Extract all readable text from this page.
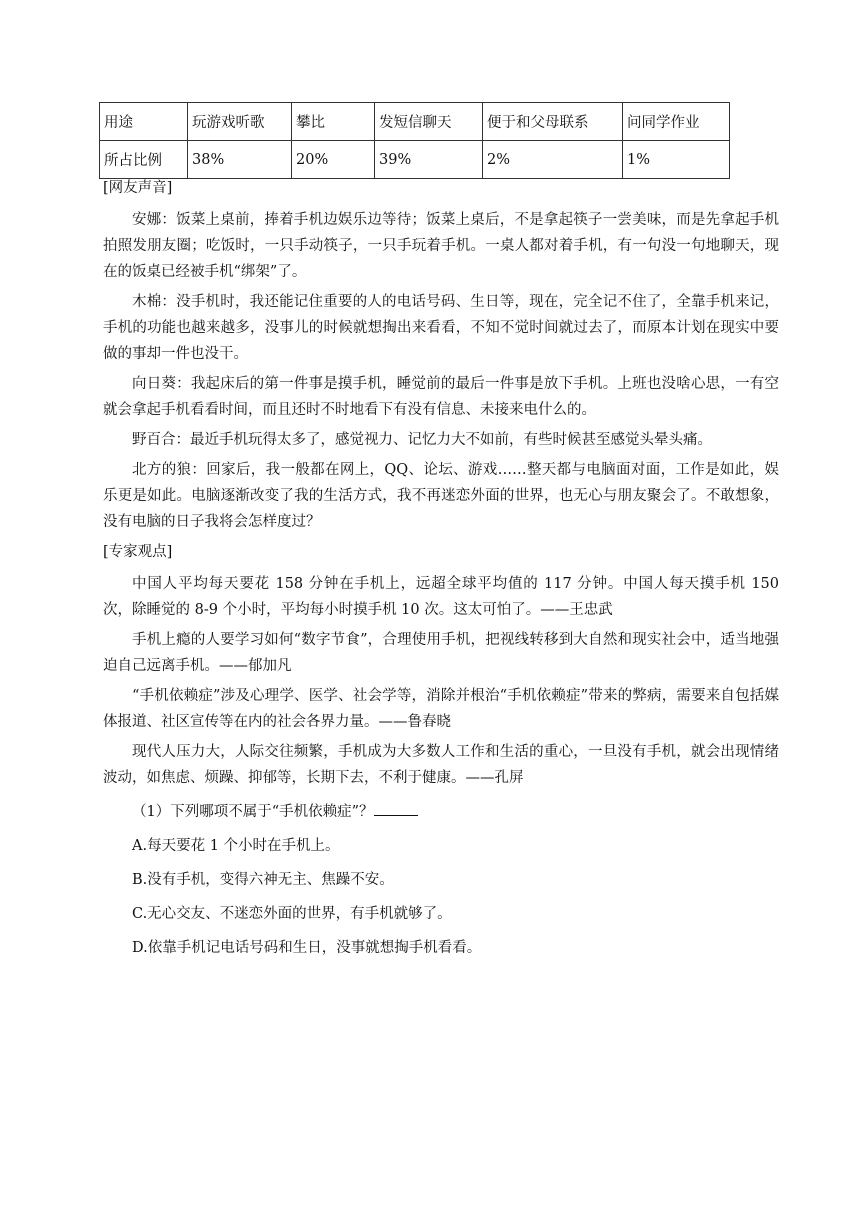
用途	玩游戏听歌	攀比	发短信聊天	便于和父母联系	问同学作业
所占比例	38%	20%	39%	2%	1%

[网友声音]

安娜：饭菜上桌前，捧着手机边娱乐边等待；饭菜上桌后，不是拿起筷子一尝美味，而是先拿起手机拍照发朋友圈；吃饭时，一只手动筷子，一只手玩着手机。一桌人都对着手机，有一句没一句地聊天，现在的饭桌已经被手机“绑架”了。

木棉：没手机时，我还能记住重要的人的电话号码、生日等，现在，完全记不住了，全靠手机来记，手机的功能也越来越多，没事儿的时候就想掏出来看看，不知不觉时间就过去了，而原本计划在现实中要做的事却一件也没干。

向日葵：我起床后的第一件事是摸手机，睡觉前的最后一件事是放下手机。上班也没啥心思，一有空就会拿起手机看看时间，而且还时不时地看下有没有信息、未接来电什么的。

野百合：最近手机玩得太多了，感觉视力、记忆力大不如前，有些时候甚至感觉头晕头痛。

北方的狼：回家后，我一般都在网上，QQ、论坛、游戏……整天都与电脑面对面，工作是如此，娱乐更是如此。电脑逐渐改变了我的生活方式，我不再迷恋外面的世界，也无心与朋友聚会了。不敢想象，没有电脑的日子我将会怎样度过？

[专家观点]

中国人平均每天要花 158 分钟在手机上，远超全球平均值的 117 分钟。中国人每天摸手机 150 次，除睡觉的 8-9 个小时，平均每小时摸手机 10 次。这太可怕了。——王忠武

手机上瘾的人要学习如何“数字节食”，合理使用手机，把视线转移到大自然和现实社会中，适当地强迫自己远离手机。——郁加凡

“手机依赖症”涉及心理学、医学、社会学等，消除并根治“手机依赖症”带来的弊病，需要来自包括媒体报道、社区宣传等在内的社会各界力量。——鲁春晓

现代人压力大，人际交往频繁，手机成为大多数人工作和生活的重心，一旦没有手机，就会出现情绪波动，如焦虑、烦躁、抑郁等，长期下去，不利于健康。——孔屏

（1）下列哪项不属于“手机依赖症”？

A.每天要花 1 个小时在手机上。

B.没有手机，变得六神无主、焦躁不安。

C.无心交友、不迷恋外面的世界，有手机就够了。

D.依靠手机记电话号码和生日，没事就想掏手机看看。
